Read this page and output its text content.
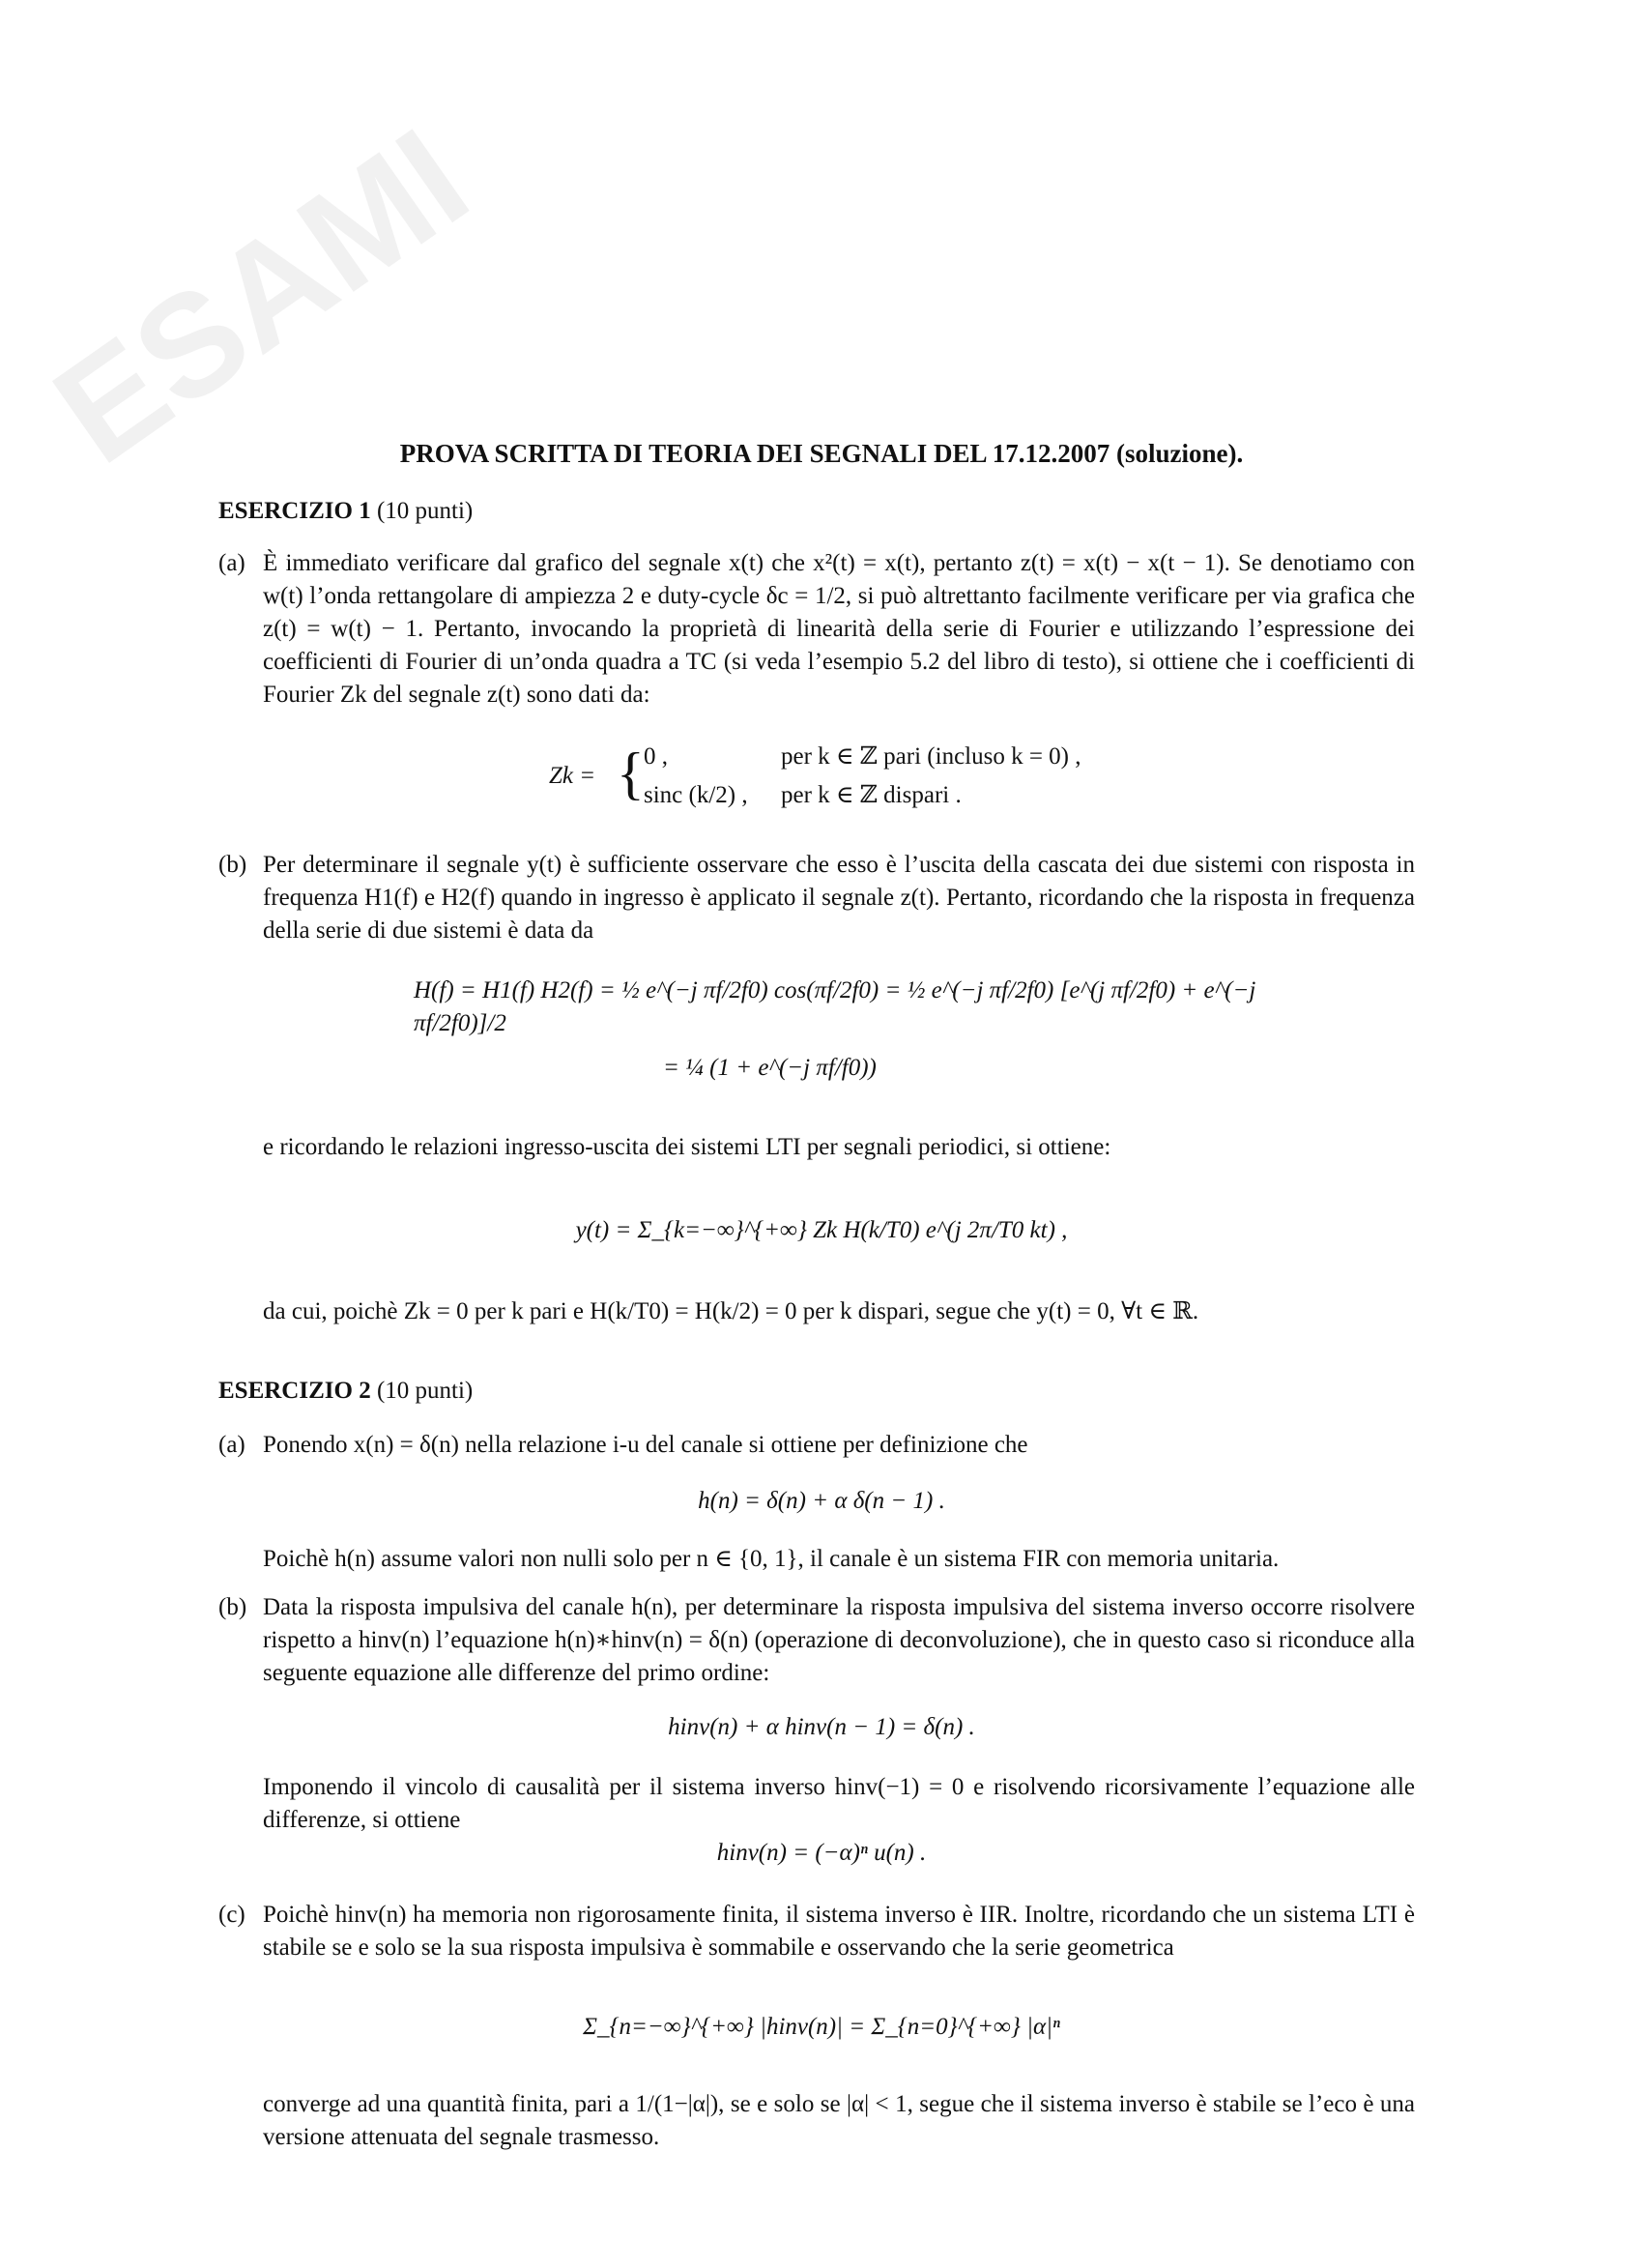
ESAMI
PROVA SCRITTA DI TEORIA DEI SEGNALI DEL 17.12.2007 (soluzione).
ESERCIZIO 1 (10 punti)
(a) È immediato verificare dal grafico del segnale x(t) che x²(t) = x(t), pertanto z(t) = x(t) − x(t − 1). Se denotiamo con w(t) l’onda rettangolare di ampiezza 2 e duty-cycle δc = 1/2, si può altrettanto facilmente verificare per via grafica che z(t) = w(t) − 1. Pertanto, invocando la proprietà di linearità della serie di Fourier e utilizzando l’espressione dei coefficienti di Fourier di un’onda quadra a TC (si veda l’esempio 5.2 del libro di testo), si ottiene che i coefficienti di Fourier Zk del segnale z(t) sono dati da:
Zk = { 0 ,	per k ∈ ℤ pari (incluso k = 0) ,
sinc (k/2) , per k ∈ ℤ dispari .
(b) Per determinare il segnale y(t) è sufficiente osservare che esso è l’uscita della cascata dei due sistemi con risposta in frequenza H1(f) e H2(f) quando in ingresso è applicato il segnale z(t). Pertanto, ricordando che la risposta in frequenza della serie di due sistemi è data da
H(f) = H1(f) H2(f) = ½ e^(−j πf/2f0) cos(πf/2f0) = ½ e^(−j πf/2f0) [e^(j πf/2f0) + e^(−j πf/2f0)]/2
= ¼ (1 + e^(−j πf/f0))
e ricordando le relazioni ingresso-uscita dei sistemi LTI per segnali periodici, si ottiene:
y(t) = Σ_{k=−∞}^{+∞} Zk H(k/T0) e^(j 2π/T0 kt) ,
da cui, poichè Zk = 0 per k pari e H(k/T0) = H(k/2) = 0 per k dispari, segue che y(t) = 0, ∀t ∈ ℝ.
ESERCIZIO 2 (10 punti)
(a) Ponendo x(n) = δ(n) nella relazione i-u del canale si ottiene per definizione che
h(n) = δ(n) + α δ(n − 1) .
Poichè h(n) assume valori non nulli solo per n ∈ {0, 1}, il canale è un sistema FIR con memoria unitaria.
(b) Data la risposta impulsiva del canale h(n), per determinare la risposta impulsiva del sistema inverso occorre risolvere rispetto a hinv(n) l’equazione h(n)∗hinv(n) = δ(n) (operazione di deconvoluzione), che in questo caso si riconduce alla seguente equazione alle differenze del primo ordine:
hinv(n) + α hinv(n − 1) = δ(n) .
Imponendo il vincolo di causalità per il sistema inverso hinv(−1) = 0 e risolvendo ricorsivamente l’equazione alle differenze, si ottiene
hinv(n) = (−α)ⁿ u(n) .
(c) Poichè hinv(n) ha memoria non rigorosamente finita, il sistema inverso è IIR. Inoltre, ricordando che un sistema LTI è stabile se e solo se la sua risposta impulsiva è sommabile e osservando che la serie geometrica
Σ_{n=−∞}^{+∞} |hinv(n)| = Σ_{n=0}^{+∞} |α|ⁿ
converge ad una quantità finita, pari a 1/(1−|α|), se e solo se |α| < 1, segue che il sistema inverso è stabile se l’eco è una versione attenuata del segnale trasmesso.
